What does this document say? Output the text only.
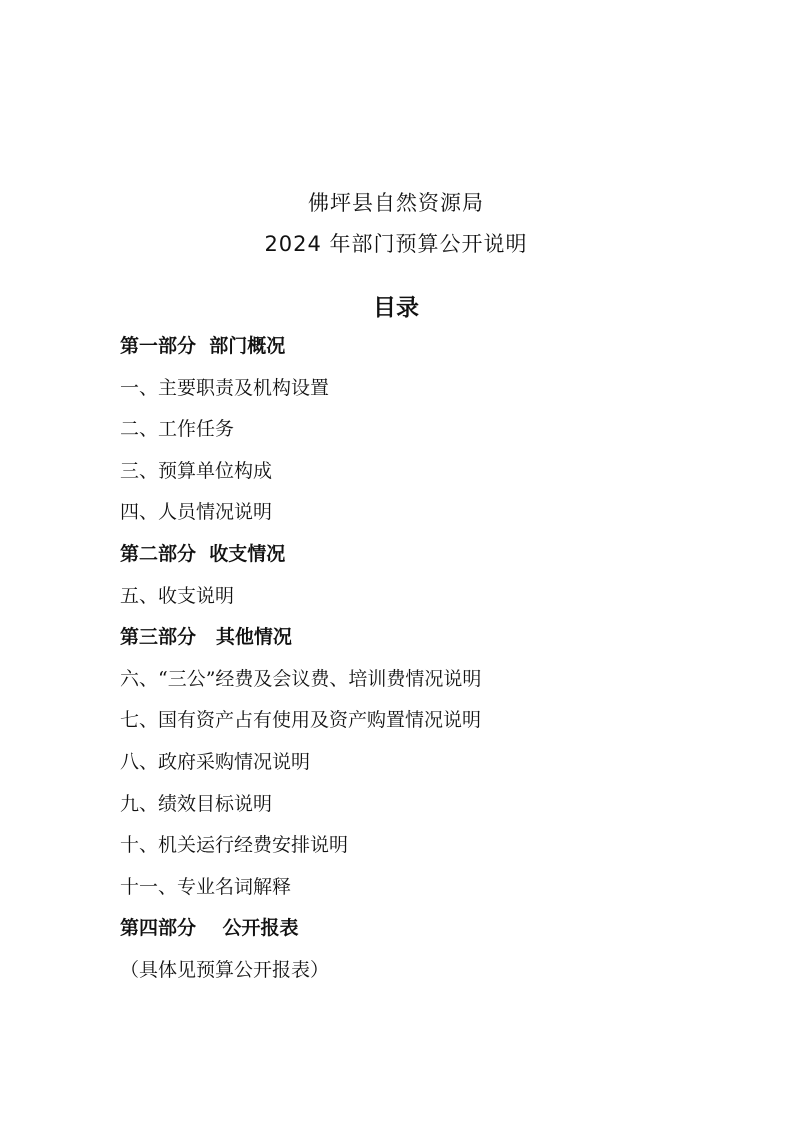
佛坪县自然资源局
2024 年部门预算公开说明
目录
第一部分  部门概况
一、主要职责及机构设置
二、工作任务
三、预算单位构成
四、人员情况说明
第二部分  收支情况
五、收支说明
第三部分   其他情况
六、“三公”经费及会议费、培训费情况说明
七、国有资产占有使用及资产购置情况说明
八、政府采购情况说明
九、绩效目标说明
十、机关运行经费安排说明
十一、专业名词解释
第四部分    公开报表
（具体见预算公开报表）
